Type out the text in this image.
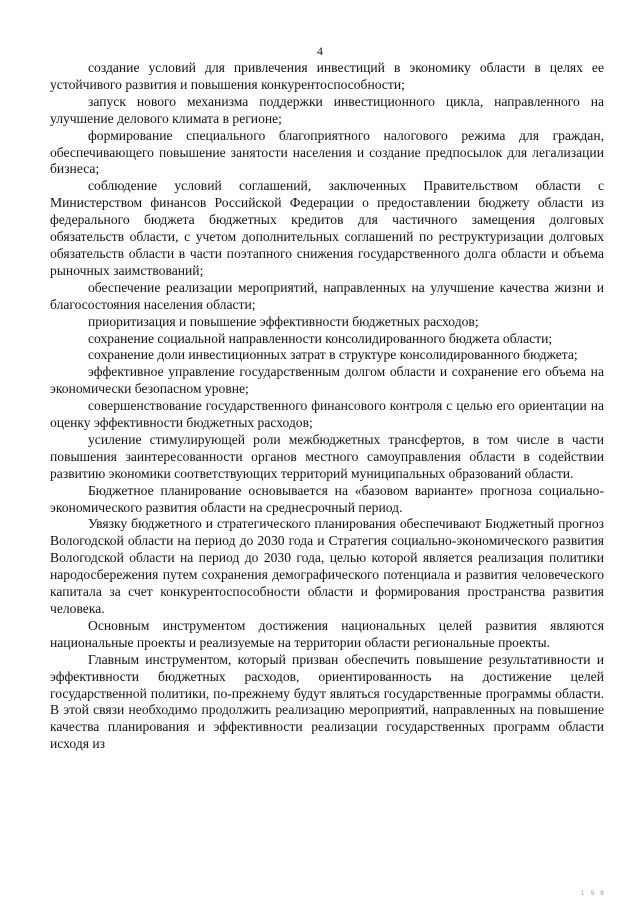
4

создание условий для привлечения инвестиций в экономику области в целях ее устойчивого развития и повышения конкурентоспособности;

запуск нового механизма поддержки инвестиционного цикла, направленного на улучшение делового климата в регионе;

формирование специального благоприятного налогового режима для граждан, обеспечивающего повышение занятости населения и создание предпосылок для легализации бизнеса;

соблюдение условий соглашений, заключенных Правительством области с Министерством финансов Российской Федерации о предоставлении бюджету области из федерального бюджета бюджетных кредитов для частичного замещения долговых обязательств области, с учетом дополнительных соглашений по реструктуризации долговых обязательств области в части поэтапного снижения государственного долга области и объема рыночных заимствований;

обеспечение реализации мероприятий, направленных на улучшение качества жизни и благосостояния населения области;

приоритизация и повышение эффективности бюджетных расходов;

сохранение социальной направленности консолидированного бюджета области;

сохранение доли инвестиционных затрат в структуре консолидированного бюджета;

эффективное управление государственным долгом области и сохранение его объема на экономически безопасном уровне;

совершенствование государственного финансового контроля с целью его ориентации на оценку эффективности бюджетных расходов;

усиление стимулирующей роли межбюджетных трансфертов, в том числе в части повышения заинтересованности органов местного самоуправления области в содействии развитию экономики соответствующих территорий муниципальных образований области.

Бюджетное планирование основывается на «базовом варианте» прогноза социально-экономического развития области на среднесрочный период.

Увязку бюджетного и стратегического планирования обеспечивают Бюджетный прогноз Вологодской области на период до 2030 года и Стратегия социально-экономического развития Вологодской области на период до 2030 года, целью которой является реализация политики народосбережения путем сохранения демографического потенциала и развития человеческого капитала за счет конкурентоспособности области и формирования пространства развития человека.

Основным инструментом достижения национальных целей развития являются национальные проекты и реализуемые на территории области региональные проекты.

Главным инструментом, который призван обеспечить повышение результативности и эффективности бюджетных расходов, ориентированность на достижение целей государственной политики, по-прежнему будут являться государственные программы области. В этой связи необходимо продолжить реализацию мероприятий, направленных на повышение качества планирования и эффективности реализации государственных программ области исходя из

1 9 8
